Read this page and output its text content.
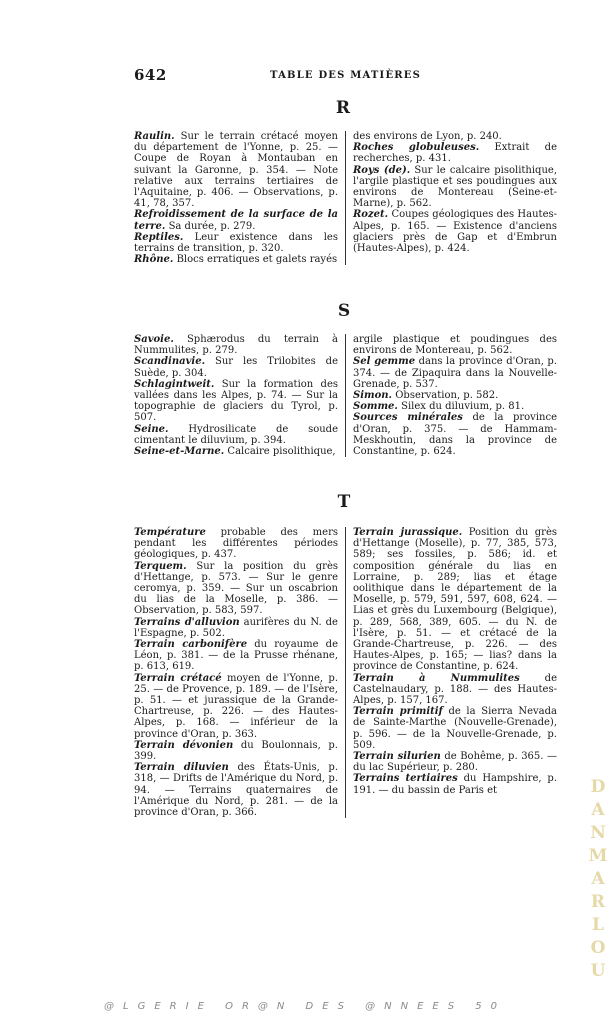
642	TABLE DES MATIÈRES
R

Raulin. Sur le terrain crétacé moyen du département de l'Yonne, p. 25. — Coupe de Royan à Montauban en suivant la Garonne, p. 354. — Note relative aux terrains tertiaires de l'Aquitaine, p. 406. — Observations, p. 41, 78, 357.

Refroidissement de la surface de la terre. Sa durée, p. 279.

Reptiles. Leur existence dans les terrains de transition, p. 320.

Rhône. Blocs erratiques et galets rayés

des environs de Lyon, p. 240.

Roches globuleuses. Extrait de recherches, p. 431.

Roys (de). Sur le calcaire pisolithique, l'argile plastique et ses poudingues aux environs de Montereau (Seine-et-Marne), p. 562.

Rozet. Coupes géologiques des Hautes-Alpes, p. 165. — Existence d'anciens glaciers près de Gap et d'Embrun (Hautes-Alpes), p. 424.

S

Savoie. Sphærodus du terrain à Nummulites, p. 279.

Scandinavie. Sur les Trilobites de Suède, p. 304.

Schlagintweit. Sur la formation des vallées dans les Alpes, p. 74. — Sur la topographie de glaciers du Tyrol, p. 507.

Seine. Hydrosilicate de soude cimentant le diluvium, p. 394.

Seine-et-Marne. Calcaire pisolithique,

argile plastique et poudingues des environs de Montereau, p. 562.

Sel gemme dans la province d'Oran, p. 374. — de Zipaquira dans la Nouvelle-Grenade, p. 537.

Simon. Observation, p. 582.

Somme. Silex du diluvium, p. 81.

Sources minérales de la province d'Oran, p. 375. — de Hammam-Meskhoutin, dans la province de Constantine, p. 624.

T

Température probable des mers pendant les différentes périodes géologiques, p. 437.

Terquem. Sur la position du grès d'Hettange, p. 573. — Sur le genre ceromya, p. 359. — Sur un oscabrion du lias de la Moselle, p. 386. — Observation, p. 583, 597.

Terrains d'alluvion aurifères du N. de l'Espagne, p. 502.

Terrain carbonifère du royaume de Léon, p. 381. — de la Prusse rhénane, p. 613, 619.

Terrain crétacé moyen de l'Yonne, p. 25. — de Provence, p. 189. — de l'Isère, p. 51. — et jurassique de la Grande-Chartreuse, p. 226. — des Hautes-Alpes, p. 168. — inférieur de la province d'Oran, p. 363.

Terrain dévonien du Boulonnais, p. 399.

Terrain diluvien des États-Unis, p. 318, — Drifts de l'Amérique du Nord, p. 94. — Terrains quaternaires de l'Amérique du Nord, p. 281. — de la province d'Oran, p. 366.

Terrain jurassique. Position du grès d'Hettange (Moselle), p. 77, 385, 573, 589; ses fossiles, p. 586; id. et composition générale du lias en Lorraine, p. 289; lias et étage oolithique dans le département de la Moselle, p. 579, 591, 597, 608, 624. — Lias et grès du Luxembourg (Belgique), p. 289, 568, 389, 605. — du N. de l'Isère, p. 51. — et crétacé de la Grande-Chartreuse, p. 226. — des Hautes-Alpes, p. 165; — lias? dans la province de Constantine, p. 624.

Terrain à Nummulites de Castelnaudary, p. 188. — des Hautes-Alpes, p. 157, 167.

Terrain primitif de la Sierra Nevada de Sainte-Marthe (Nouvelle-Grenade), p. 596. — de la Nouvelle-Grenade, p. 509.

Terrain silurien de Bohême, p. 365. — du lac Supérieur, p. 280.

Terrains tertiaires du Hampshire, p. 191. — du bassin de Paris et	DANMARLOU
@LGERIE OR@N DES @NNEES 50
